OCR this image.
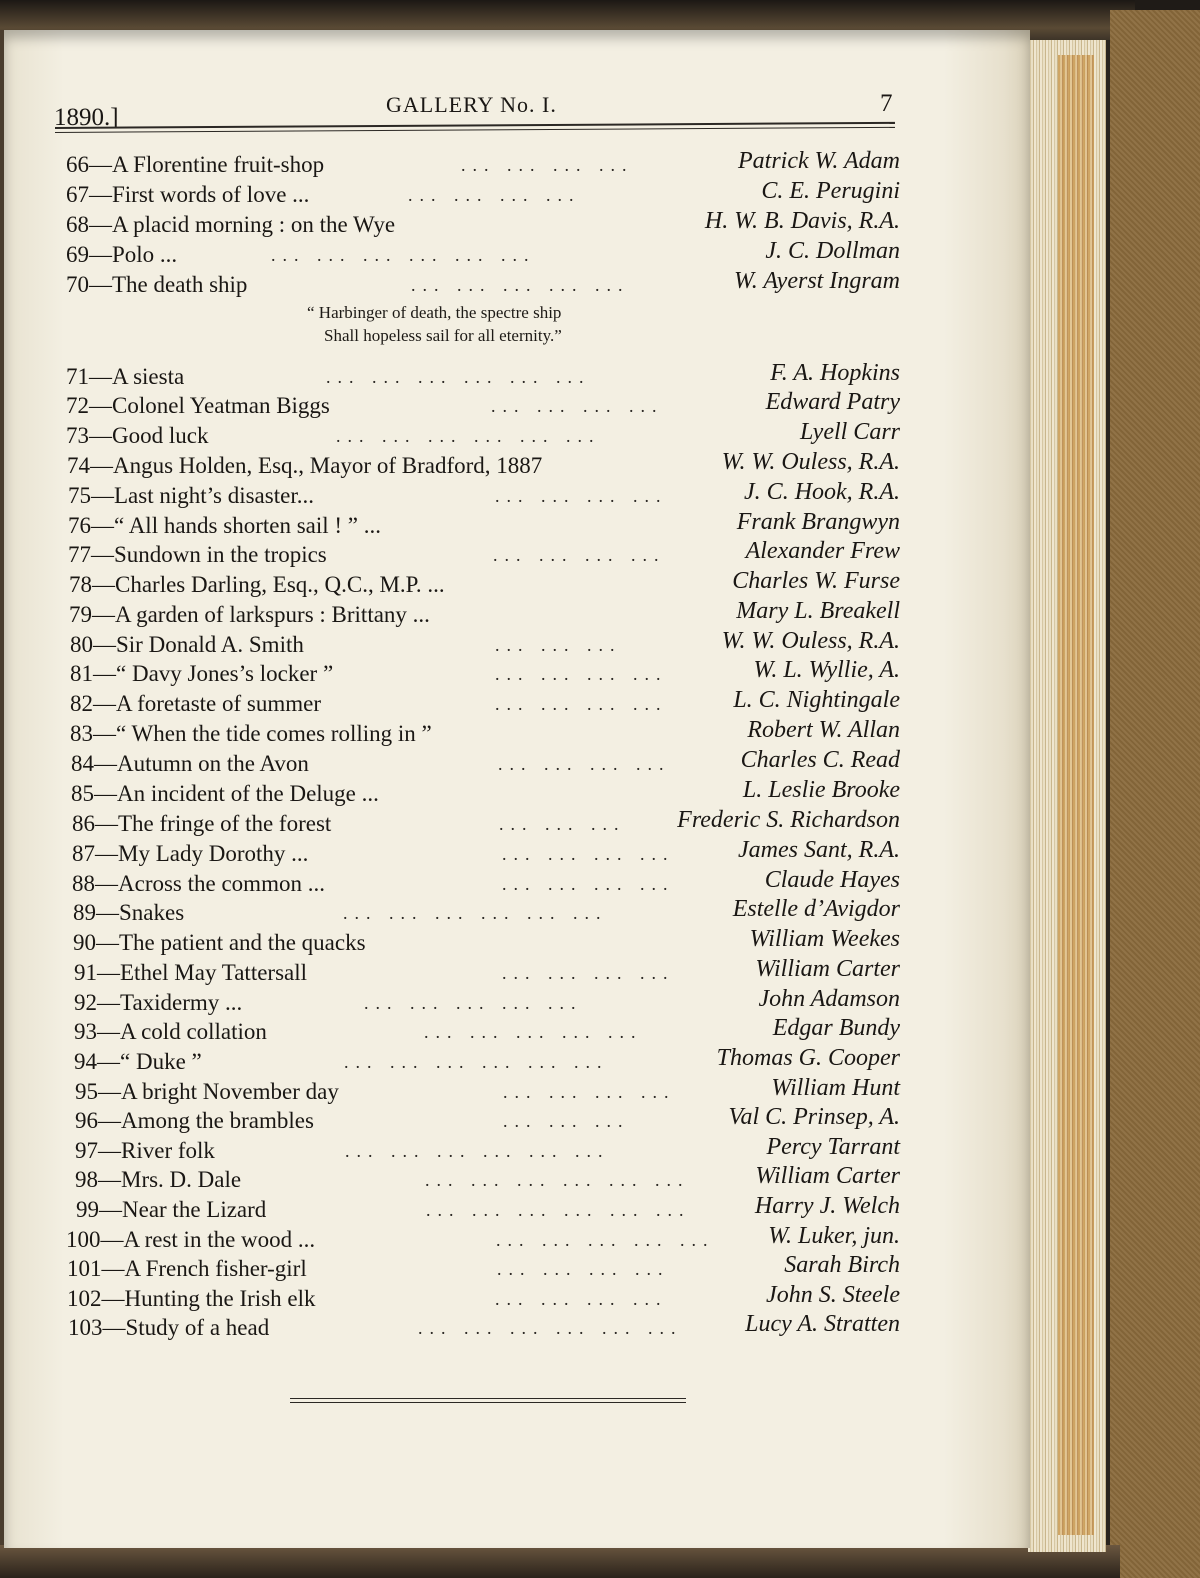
1890.]	GALLERY No. I.	7
“ Harbinger of death, the spectre ship
Shall hopeless sail for all eternity.”
66—A Florentine fruit-shop	... ... ... ...	Patrick W. Adam
67—First words of love ...	... ... ... ...	C. E. Perugini
68—A placid morning : on the Wye	H. W. B. Davis, R.A.
69—Polo ...	... ... ... ... ... ...	J. C. Dollman
70—The death ship	... ... ... ... ...	W. Ayerst Ingram
71—A siesta	... ... ... ... ... ...	F. A. Hopkins
72—Colonel Yeatman Biggs	... ... ... ...	Edward Patry
73—Good luck	... ... ... ... ... ...	Lyell Carr
74—Angus Holden, Esq., Mayor of Bradford, 1887	W. W. Ouless, R.A.
75—Last night’s disaster...	... ... ... ...	J. C. Hook, R.A.
76—“ All hands shorten sail ! ” ...	Frank Brangwyn
77—Sundown in the tropics	... ... ... ...	Alexander Frew
78—Charles Darling, Esq., Q.C., M.P. ...	Charles W. Furse
79—A garden of larkspurs : Brittany ...	Mary L. Breakell
80—Sir Donald A. Smith	... ... ...	W. W. Ouless, R.A.
81—“ Davy Jones’s locker ”	... ... ... ...	W. L. Wyllie, A.
82—A foretaste of summer	... ... ... ...	L. C. Nightingale
83—“ When the tide comes rolling in ”	Robert W. Allan
84—Autumn on the Avon	... ... ... ...	Charles C. Read
85—An incident of the Deluge ...	L. Leslie Brooke
86—The fringe of the forest	... ... ...	Frederic S. Richardson
87—My Lady Dorothy ...	... ... ... ...	James Sant, R.A.
88—Across the common ...	... ... ... ...	Claude Hayes
89—Snakes	... ... ... ... ... ...	Estelle d’Avigdor
90—The patient and the quacks	William Weekes
91—Ethel May Tattersall	... ... ... ...	William Carter
92—Taxidermy ...	... ... ... ... ...	John Adamson
93—A cold collation	... ... ... ... ...	Edgar Bundy
94—“ Duke ”	... ... ... ... ... ...	Thomas G. Cooper
95—A bright November day	... ... ... ...	William Hunt
96—Among the brambles	... ... ...	Val C. Prinsep, A.
97—River folk	... ... ... ... ... ...	Percy Tarrant
98—Mrs. D. Dale	... ... ... ... ... ...	William Carter
99—Near the Lizard	... ... ... ... ... ...	Harry J. Welch
100—A rest in the wood ...	... ... ... ... ...	W. Luker, jun.
101—A French fisher-girl	... ... ... ...	Sarah Birch
102—Hunting the Irish elk	... ... ... ...	John S. Steele
103—Study of a head	... ... ... ... ... ...	Lucy A. Stratten
